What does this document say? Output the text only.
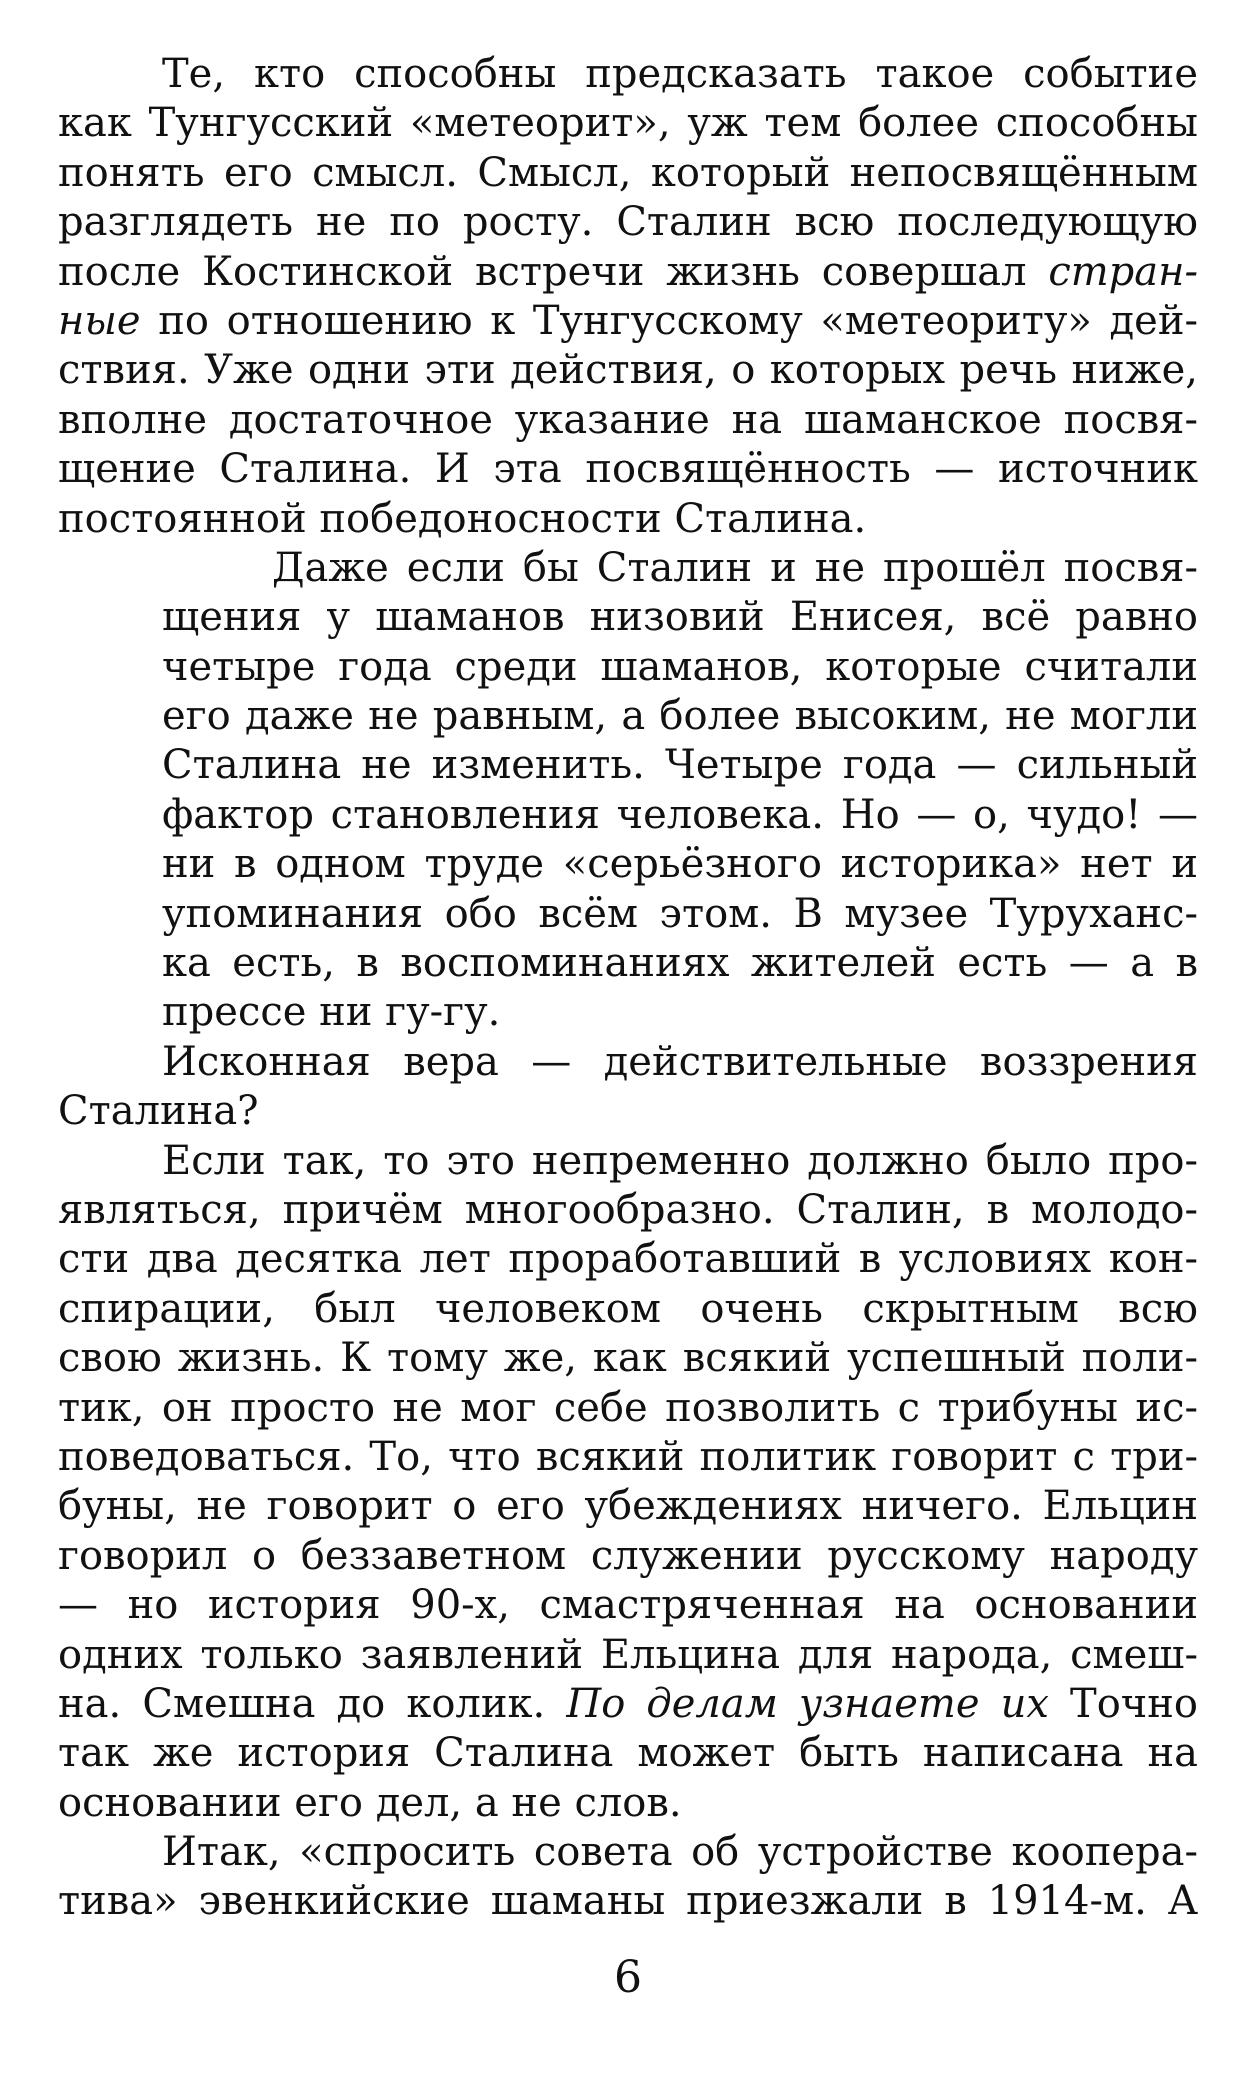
Те, кто способны предсказать такое событие
как Тунгусский «метеорит», уж тем более способны
понять его смысл. Смысл, который непосвящённым
разглядеть не по росту. Сталин всю последующую
после Костинской встречи жизнь совершал стран-
ные по отношению к Тунгусскому «метеориту» дей-
ствия. Уже одни эти действия, о которых речь ниже,
вполне достаточное указание на шаманское посвя-
щение Сталина. И эта посвящённость — источник
постоянной победоносности Сталина.
Даже если бы Сталин и не прошёл посвя-
щения у шаманов низовий Енисея, всё равно
четыре года среди шаманов, которые считали
его даже не равным, а более высоким, не могли
Сталина не изменить. Четыре года — сильный
фактор становления человека. Но — о, чудо! —
ни в одном труде «серьёзного историка» нет и
упоминания обо всём этом. В музее Туруханс-
ка есть, в воспоминаниях жителей есть — а в
прессе ни гу-гу.
Исконная вера — действительные воззрения
Сталина?
Если так, то это непременно должно было про-
являться, причём многообразно. Сталин, в молодо-
сти два десятка лет проработавший в условиях кон-
спирации, был человеком очень скрытным всю
свою жизнь. К тому же, как всякий успешный поли-
тик, он просто не мог себе позволить с трибуны ис-
поведоваться. То, что всякий политик говорит с три-
буны, не говорит о его убеждениях ничего. Ельцин
говорил о беззаветном служении русскому народу
— но история 90-х, смастряченная на основании
одних только заявлений Ельцина для народа, смеш-
на. Смешна до колик. По делам узнаете их Точно
так же история Сталина может быть написана на
основании его дел, а не слов.
Итак, «спросить совета об устройстве коопера-
тива» эвенкийские шаманы приезжали в 1914-м. А
6
